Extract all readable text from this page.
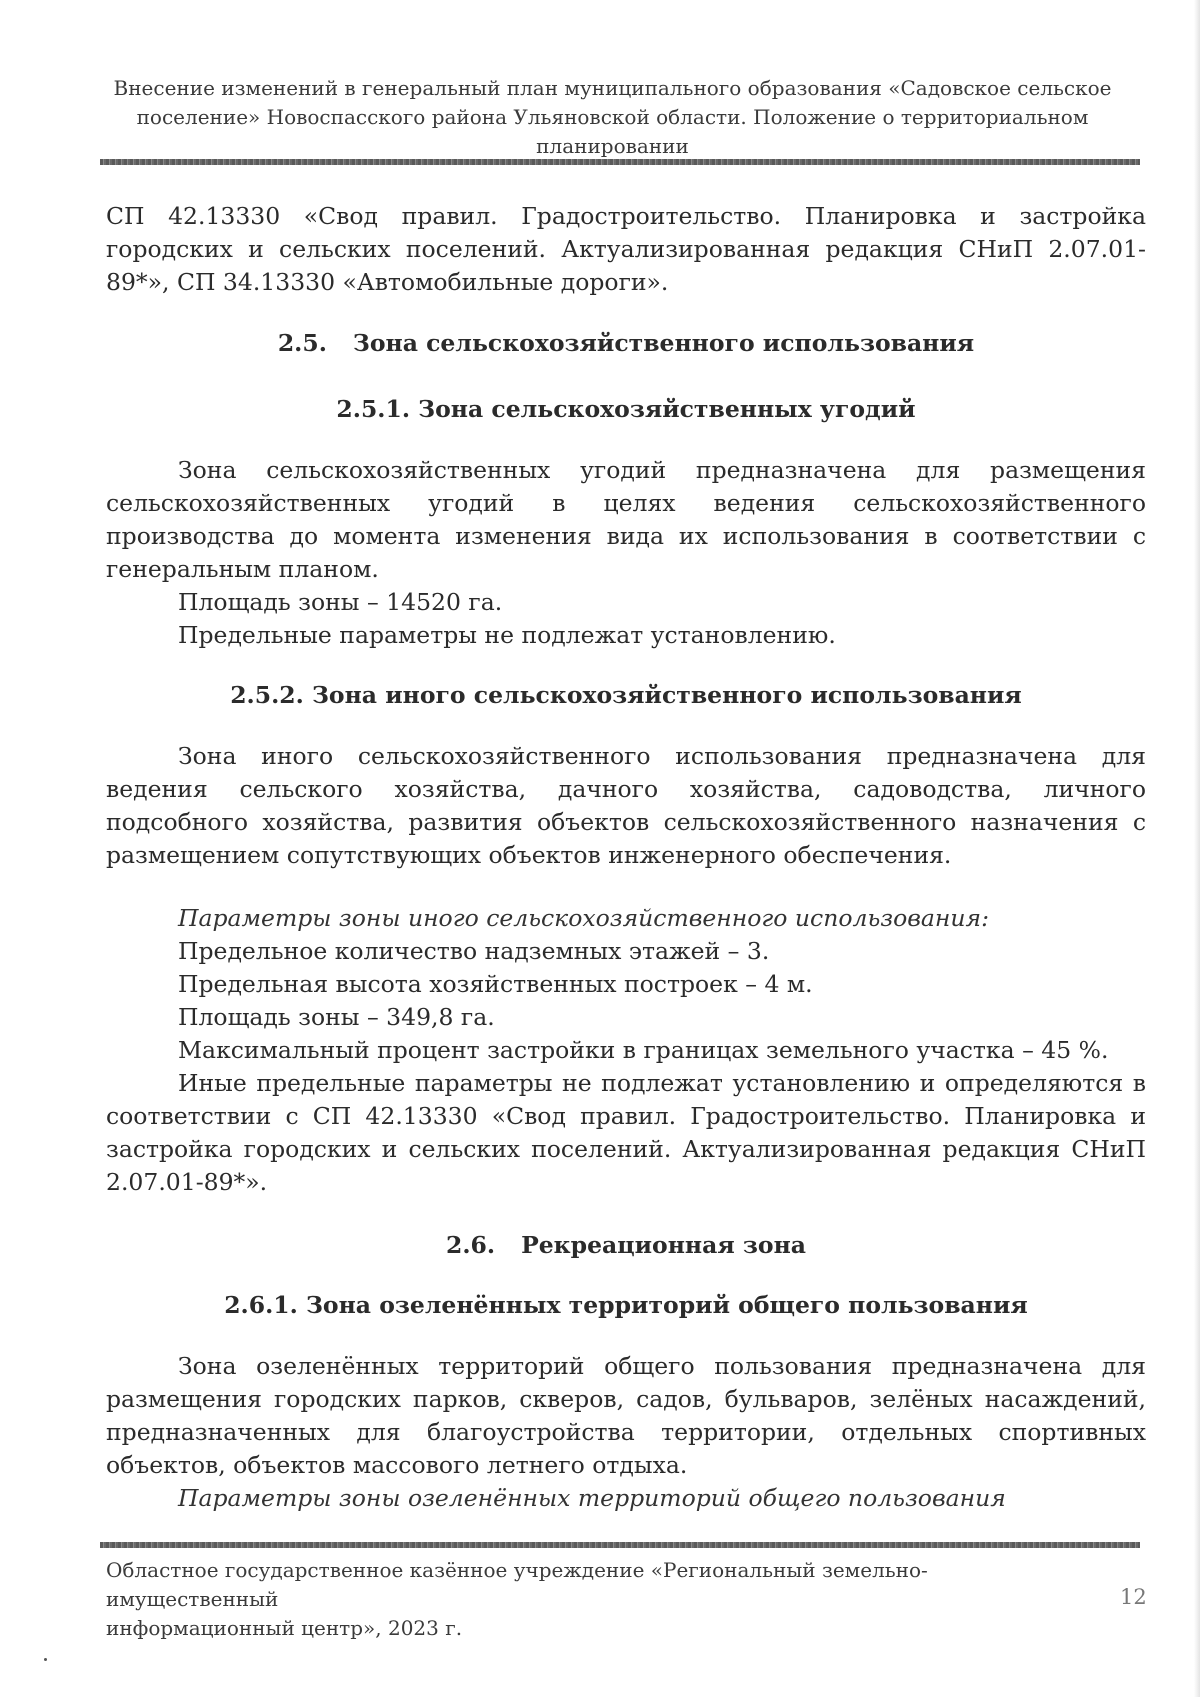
Внесение изменений в генеральный план муниципального образования «Садовское сельское
поселение» Новоспасского района Ульяновской области. Положение о территориальном
планировании

СП 42.13330 «Свод правил. Градостроительство. Планировка и застройка городских и сельских поселений. Актуализированная редакция СНиП 2.07.01-89*», СП 34.13330 «Автомобильные дороги».

2.5. Зона сельскохозяйственного использования
2.5.1. Зона сельскохозяйственных угодий

Зона сельскохозяйственных угодий предназначена для размещения сельскохозяйственных угодий в целях ведения сельскохозяйственного производства до момента изменения вида их использования в соответствии с генеральным планом.

Площадь зоны – 14520 га.

Предельные параметры не подлежат установлению.

2.5.2. Зона иного сельскохозяйственного использования

Зона иного сельскохозяйственного использования предназначена для ведения сельского хозяйства, дачного хозяйства, садоводства, личного подсобного хозяйства, развития объектов сельскохозяйственного назначения с размещением сопутствующих объектов инженерного обеспечения.

Параметры зоны иного сельскохозяйственного использования:

Предельное количество надземных этажей – 3.

Предельная высота хозяйственных построек – 4 м.

Площадь зоны – 349,8 га.

Максимальный процент застройки в границах земельного участка – 45 %.

Иные предельные параметры не подлежат установлению и определяются в соответствии с СП 42.13330 «Свод правил. Градостроительство. Планировка и застройка городских и сельских поселений. Актуализированная редакция СНиП 2.07.01-89*».

2.6. Рекреационная зона
2.6.1. Зона озеленённых территорий общего пользования

Зона озеленённых территорий общего пользования предназначена для размещения городских парков, скверов, садов, бульваров, зелёных насаждений, предназначенных для благоустройства территории, отдельных спортивных объектов, объектов массового летнего отдыха.

Параметры зоны озеленённых территорий общего пользования

Областное государственное казённое учреждение «Региональный земельно-имущественный
информационный центр», 2023 г.
12
